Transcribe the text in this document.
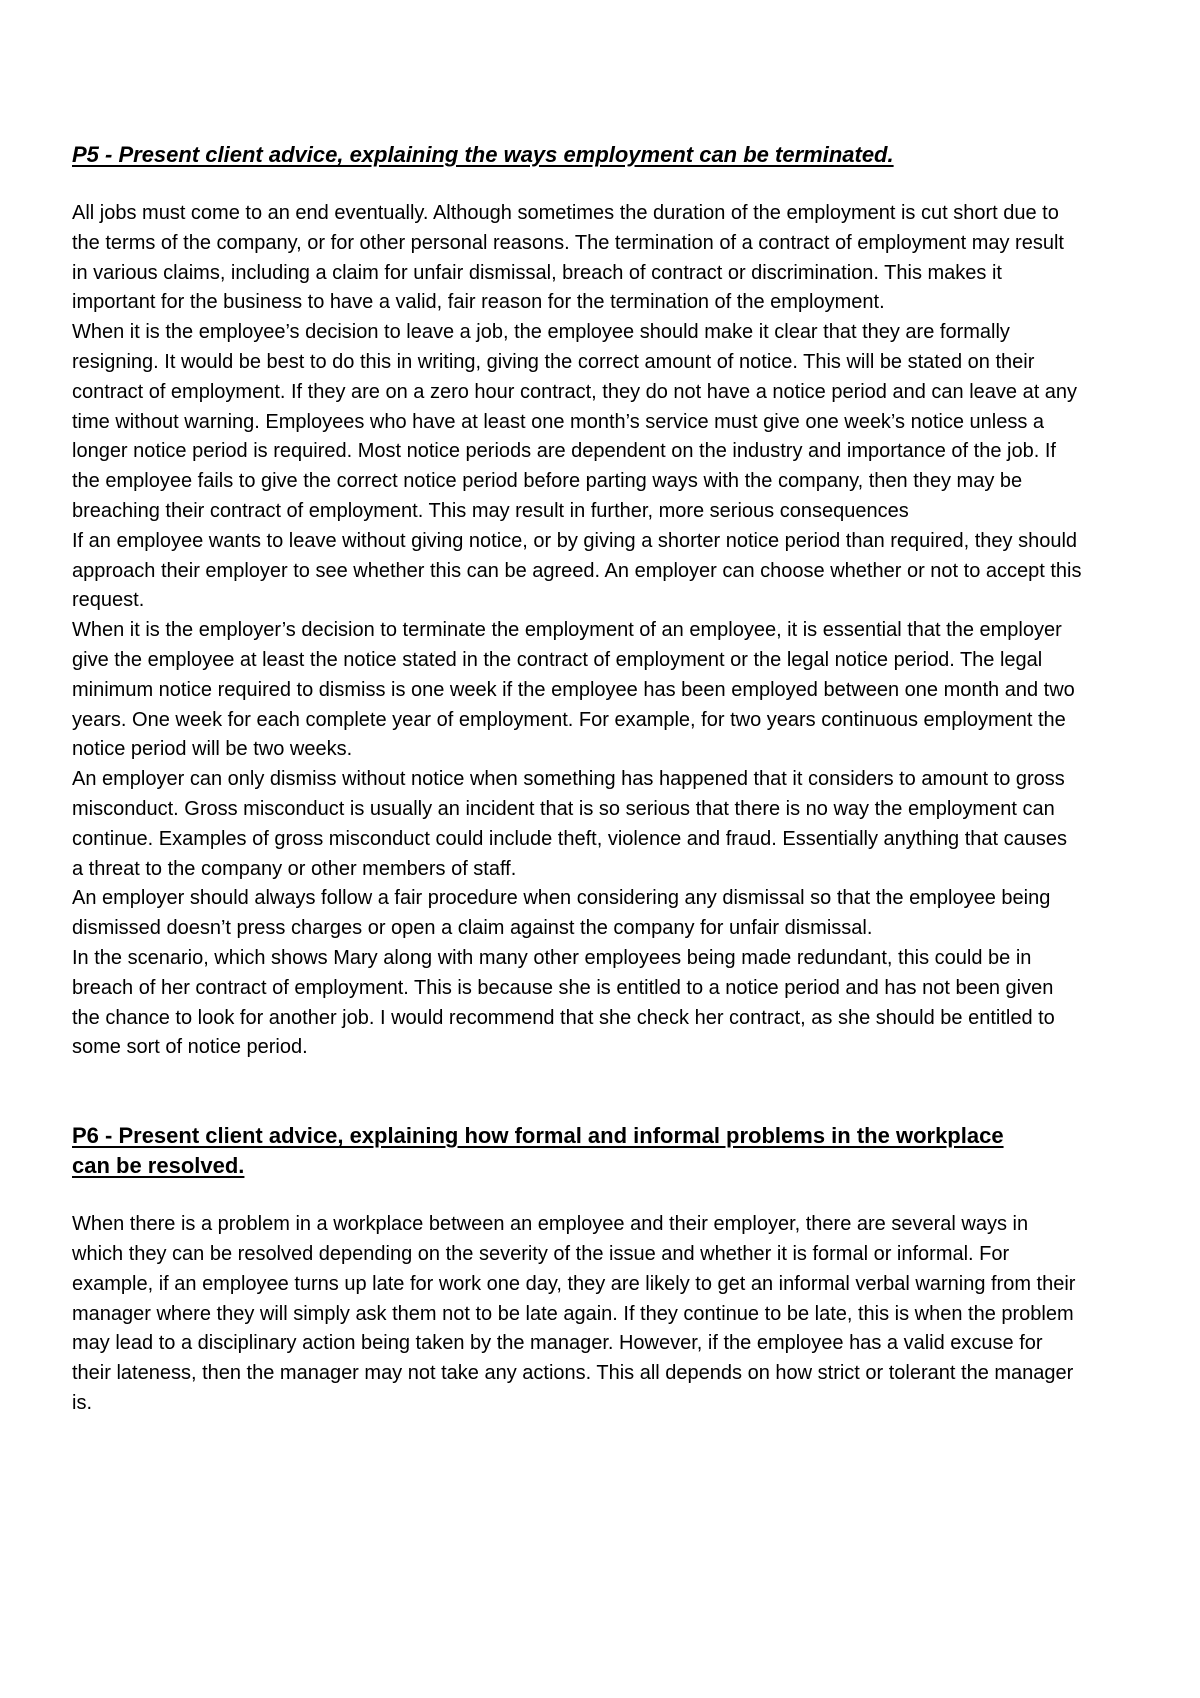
P5 - Present client advice, explaining the ways employment can be terminated.

All jobs must come to an end eventually. Although sometimes the duration of the employment is cut short due to the terms of the company, or for other personal reasons. The termination of a contract of employment may result in various claims, including a claim for unfair dismissal, breach of contract or discrimination. This makes it important for the business to have a valid, fair reason for the termination of the employment.

When it is the employee’s decision to leave a job, the employee should make it clear that they are formally resigning. It would be best to do this in writing, giving the correct amount of notice. This will be stated on their contract of employment. If they are on a zero hour contract, they do not have a notice period and can leave at any time without warning. Employees who have at least one month’s service must give one week’s notice unless a longer notice period is required. Most notice periods are dependent on the industry and importance of the job. If the employee fails to give the correct notice period before parting ways with the company, then they may be breaching their contract of employment. This may result in further, more serious consequences

If an employee wants to leave without giving notice, or by giving a shorter notice period than required, they should approach their employer to see whether this can be agreed. An employer can choose whether or not to accept this request.

When it is the employer’s decision to terminate the employment of an employee, it is essential that the employer give the employee at least the notice stated in the contract of employment or the legal notice period. The legal minimum notice required to dismiss is one week if the employee has been employed between one month and two years. One week for each complete year of employment. For example, for two years continuous employment the notice period will be two weeks.

An employer can only dismiss without notice when something has happened that it considers to amount to gross misconduct. Gross misconduct is usually an incident that is so serious that there is no way the employment can continue. Examples of gross misconduct could include theft, violence and fraud. Essentially anything that causes a threat to the company or other members of staff.

An employer should always follow a fair procedure when considering any dismissal so that the employee being dismissed doesn’t press charges or open a claim against the company for unfair dismissal.

In the scenario, which shows Mary along with many other employees being made redundant, this could be in breach of her contract of employment. This is because she is entitled to a notice period and has not been given the chance to look for another job. I would recommend that she check her contract, as she should be entitled to some sort of notice period.

P6 - Present client advice, explaining how formal and informal problems in the workplace can be resolved.

When there is a problem in a workplace between an employee and their employer, there are several ways in which they can be resolved depending on the severity of the issue and whether it is formal or informal. For example, if an employee turns up late for work one day, they are likely to get an informal verbal warning from their manager where they will simply ask them not to be late again. If they continue to be late, this is when the problem may lead to a disciplinary action being taken by the manager. However, if the employee has a valid excuse for their lateness, then the manager may not take any actions. This all depends on how strict or tolerant the manager is.
